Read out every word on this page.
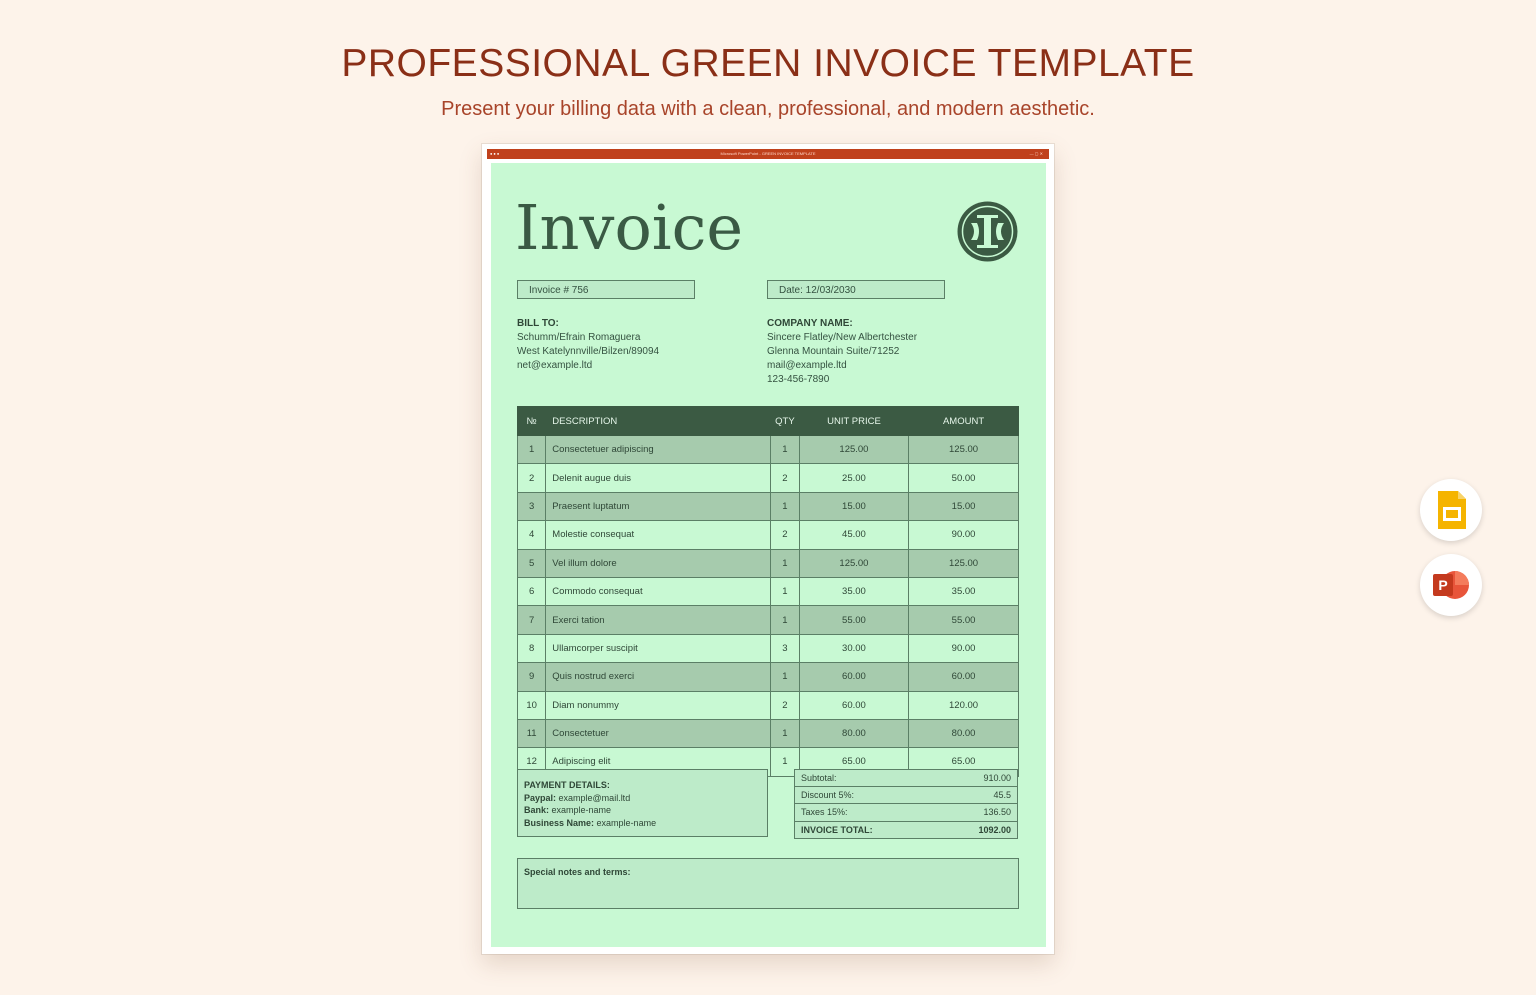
PROFESSIONAL GREEN INVOICE TEMPLATE

Present your billing data with a clean, professional, and modern aesthetic.

●●●	Microsoft PowerPoint - GREEN INVOICE TEMPLATE	— ▢ ✕
Invoice
Invoice # 756	Date: 12/03/2030
BILL TO:
Schumm/Efrain Romaguera
West Katelynnville/Bilzen/89094
net@example.ltd
COMPANY NAME:
Sincere Flatley/New Albertchester
Glenna Mountain Suite/71252
mail@example.ltd
123-456-7890
№	DESCRIPTION	QTY	UNIT PRICE	AMOUNT
1	Consectetuer adipiscing	1	125.00	125.00
2	Delenit augue duis	2	25.00	50.00
3	Praesent luptatum	1	15.00	15.00
4	Molestie consequat	2	45.00	90.00
5	Vel illum dolore	1	125.00	125.00
6	Commodo consequat	1	35.00	35.00
7	Exerci tation	1	55.00	55.00
8	Ullamcorper suscipit	3	30.00	90.00
9	Quis nostrud exerci	1	60.00	60.00
10	Diam nonummy	2	60.00	120.00
11	Consectetuer	1	80.00	80.00
12	Adipiscing elit	1	65.00	65.00
PAYMENT DETAILS:
Paypal: example@mail.ltd
Bank: example-name
Business Name: example-name
Subtotal:	910.00
Discount 5%:	45.5
Taxes 15%:	136.50
INVOICE TOTAL:	1092.00
Special notes and terms:
P
